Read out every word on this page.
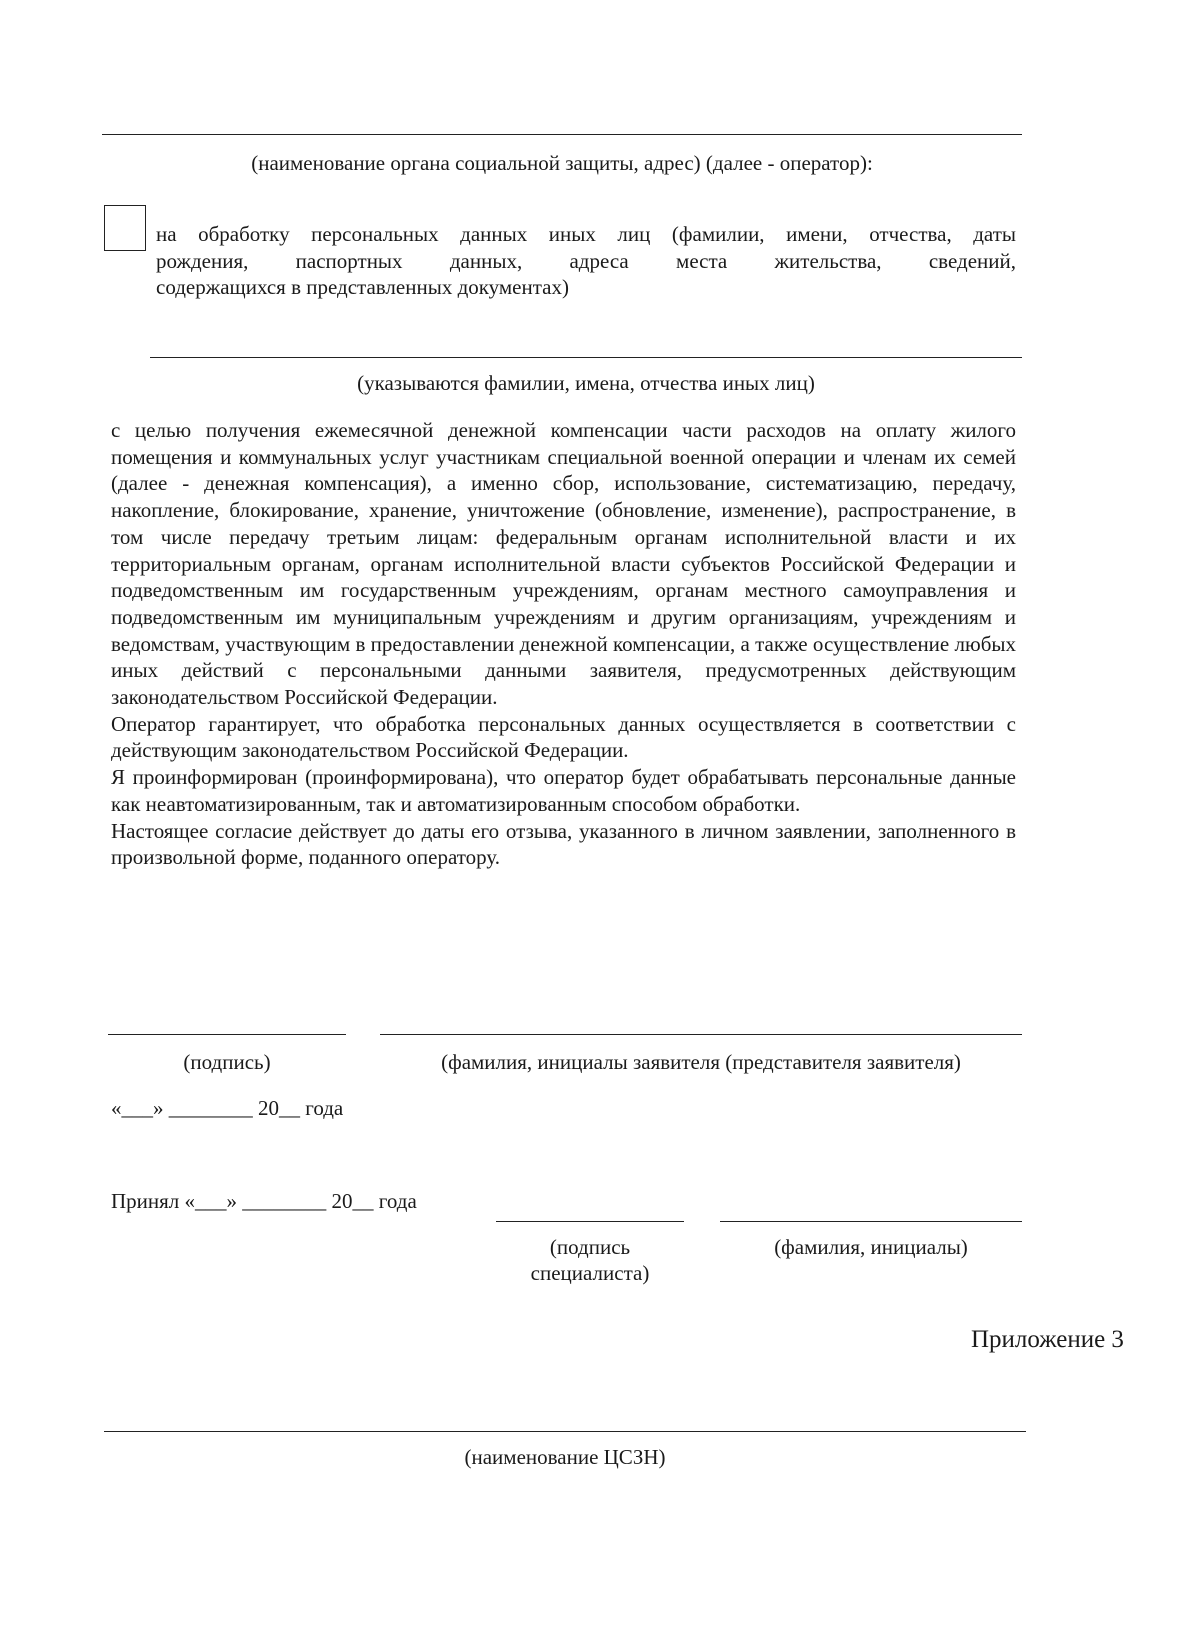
(наименование органа социальной защиты, адрес) (далее - оператор):
на обработку персональных данных иных лиц (фамилии, имени, отчества, даты
рождения, паспортных данных, адреса места жительства, сведений,
содержащихся в представленных документах)
(указываются фамилии, имена, отчества иных лиц)
с целью получения ежемесячной денежной компенсации части расходов на оплату жилого помещения и коммунальных услуг участникам специальной военной операции и членам их семей (далее - денежная компенсация), а именно сбор, использование, систематизацию, передачу, накопление, блокирование, хранение, уничтожение (обновление, изменение), распространение, в том числе передачу третьим лицам: федеральным органам исполнительной власти и их территориальным органам, органам исполнительной власти субъектов Российской Федерации и подведомственным им государственным учреждениям, органам местного самоуправления и подведомственным им муниципальным учреждениям и другим организациям, учреждениям и ведомствам, участвующим в предоставлении денежной компенсации, а также осуществление любых иных действий с персональными данными заявителя, предусмотренных действующим законодательством Российской Федерации.
Оператор гарантирует, что обработка персональных данных осуществляется в соответствии с действующим законодательством Российской Федерации.
Я проинформирован (проинформирована), что оператор будет обрабатывать персональные данные как неавтоматизированным, так и автоматизированным способом обработки.
Настоящее согласие действует до даты его отзыва, указанного в личном заявлении, заполненного в произвольной форме, поданного оператору.
(подпись)	(фамилия, инициалы заявителя (представителя заявителя)
«___» ________ 20__ года
Принял «___» ________ 20__ года
(подпись
специалиста)
(фамилия, инициалы)
Приложение 3
(наименование ЦСЗН)
